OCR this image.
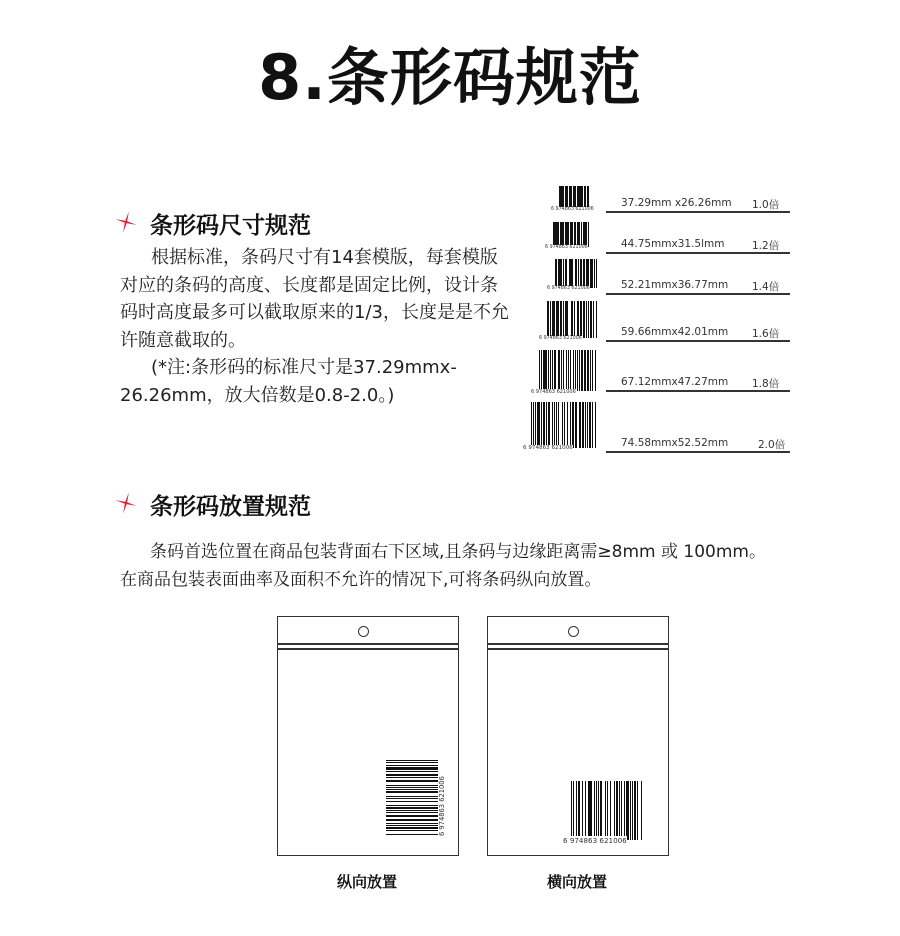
8.条形码规范
条形码尺寸规范
根据标准，条码尺寸有14套模版，每套模版
对应的条码的高度、长度都是固定比例，设计条
码时高度最多可以截取原来的1/3，长度是是不允
许随意截取的。
(*注:条形码的标准尺寸是37.29mmx-
26.26mm，放大倍数是0.8-2.0。)
6 974863 621006
37.29mm x26.26mm 1.0倍
6 974863 621006	44.75mmx31.5lmm	1.2倍
6 974863 621006	52.21mmx36.77mm 1.4倍
6 974863 621006
59.66mmx42.01mm 1.6倍
6 974863 621006
67.12mmx47.27mm 1.8倍
6 974863 621006	74.58mmx52.52mm	2.0倍
条形码放置规范
条码首选位置在商品包装背面右下区域,且条码与边缘距离需≥8mm 或 100mm。
在商品包装表面曲率及面积不允许的情况下,可将条码纵向放置。
6 974863 621006
6 974863 621006
纵向放置	横向放置
